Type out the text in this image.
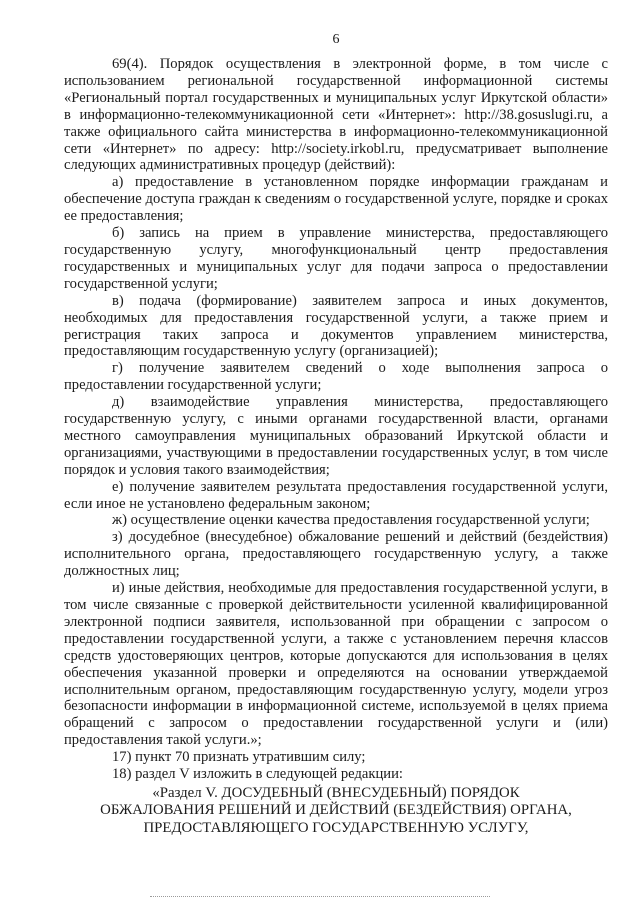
6

69(4). Порядок осуществления в электронной форме, в том числе с использованием региональной государственной информационной системы «Региональный портал государственных и муниципальных услуг Иркутской области» в информационно-телекоммуникационной сети «Интернет»: http://38.gosuslugi.ru, а также официального сайта министерства в информационно-телекоммуникационной сети «Интернет» по адресу: http://society.irkobl.ru, предусматривает выполнение следующих административных процедур (действий):

а) предоставление в установленном порядке информации гражданам и обеспечение доступа граждан к сведениям о государственной услуге, порядке и сроках ее предоставления;

б) запись на прием в управление министерства, предоставляющего государственную услугу, многофункциональный центр предоставления государственных и муниципальных услуг для подачи запроса о предоставлении государственной услуги;

в) подача (формирование) заявителем запроса и иных документов, необходимых для предоставления государственной услуги, а также прием и регистрация таких запроса и документов управлением министерства, предоставляющим государственную услугу (организацией);

г) получение заявителем сведений о ходе выполнения запроса о предоставлении государственной услуги;

д) взаимодействие управления министерства, предоставляющего государственную услугу, с иными органами государственной власти, органами местного самоуправления муниципальных образований Иркутской области и организациями, участвующими в предоставлении государственных услуг, в том числе порядок и условия такого взаимодействия;

е) получение заявителем результата предоставления государственной услуги, если иное не установлено федеральным законом;

ж) осуществление оценки качества предоставления государственной услуги;

з) досудебное (внесудебное) обжалование решений и действий (бездействия) исполнительного органа, предоставляющего государственную услугу, а также должностных лиц;

и) иные действия, необходимые для предоставления государственной услуги, в том числе связанные с проверкой действительности усиленной квалифицированной электронной подписи заявителя, использованной при обращении с запросом о предоставлении государственной услуги, а также с установлением перечня классов средств удостоверяющих центров, которые допускаются для использования в целях обеспечения указанной проверки и определяются на основании утверждаемой исполнительным органом, предоставляющим государственную услугу, модели угроз безопасности информации в информационной системе, используемой в целях приема обращений с запросом о предоставлении государственной услуги и (или) предоставления такой услуги.»;

17) пункт 70 признать утратившим силу;

18) раздел V изложить в следующей редакции:

«Раздел V. ДОСУДЕБНЫЙ (ВНЕСУДЕБНЫЙ) ПОРЯДОК
ОБЖАЛОВАНИЯ РЕШЕНИЙ И ДЕЙСТВИЙ (БЕЗДЕЙСТВИЯ) ОРГАНА,
ПРЕДОСТАВЛЯЮЩЕГО ГОСУДАРСТВЕННУЮ УСЛУГУ,
